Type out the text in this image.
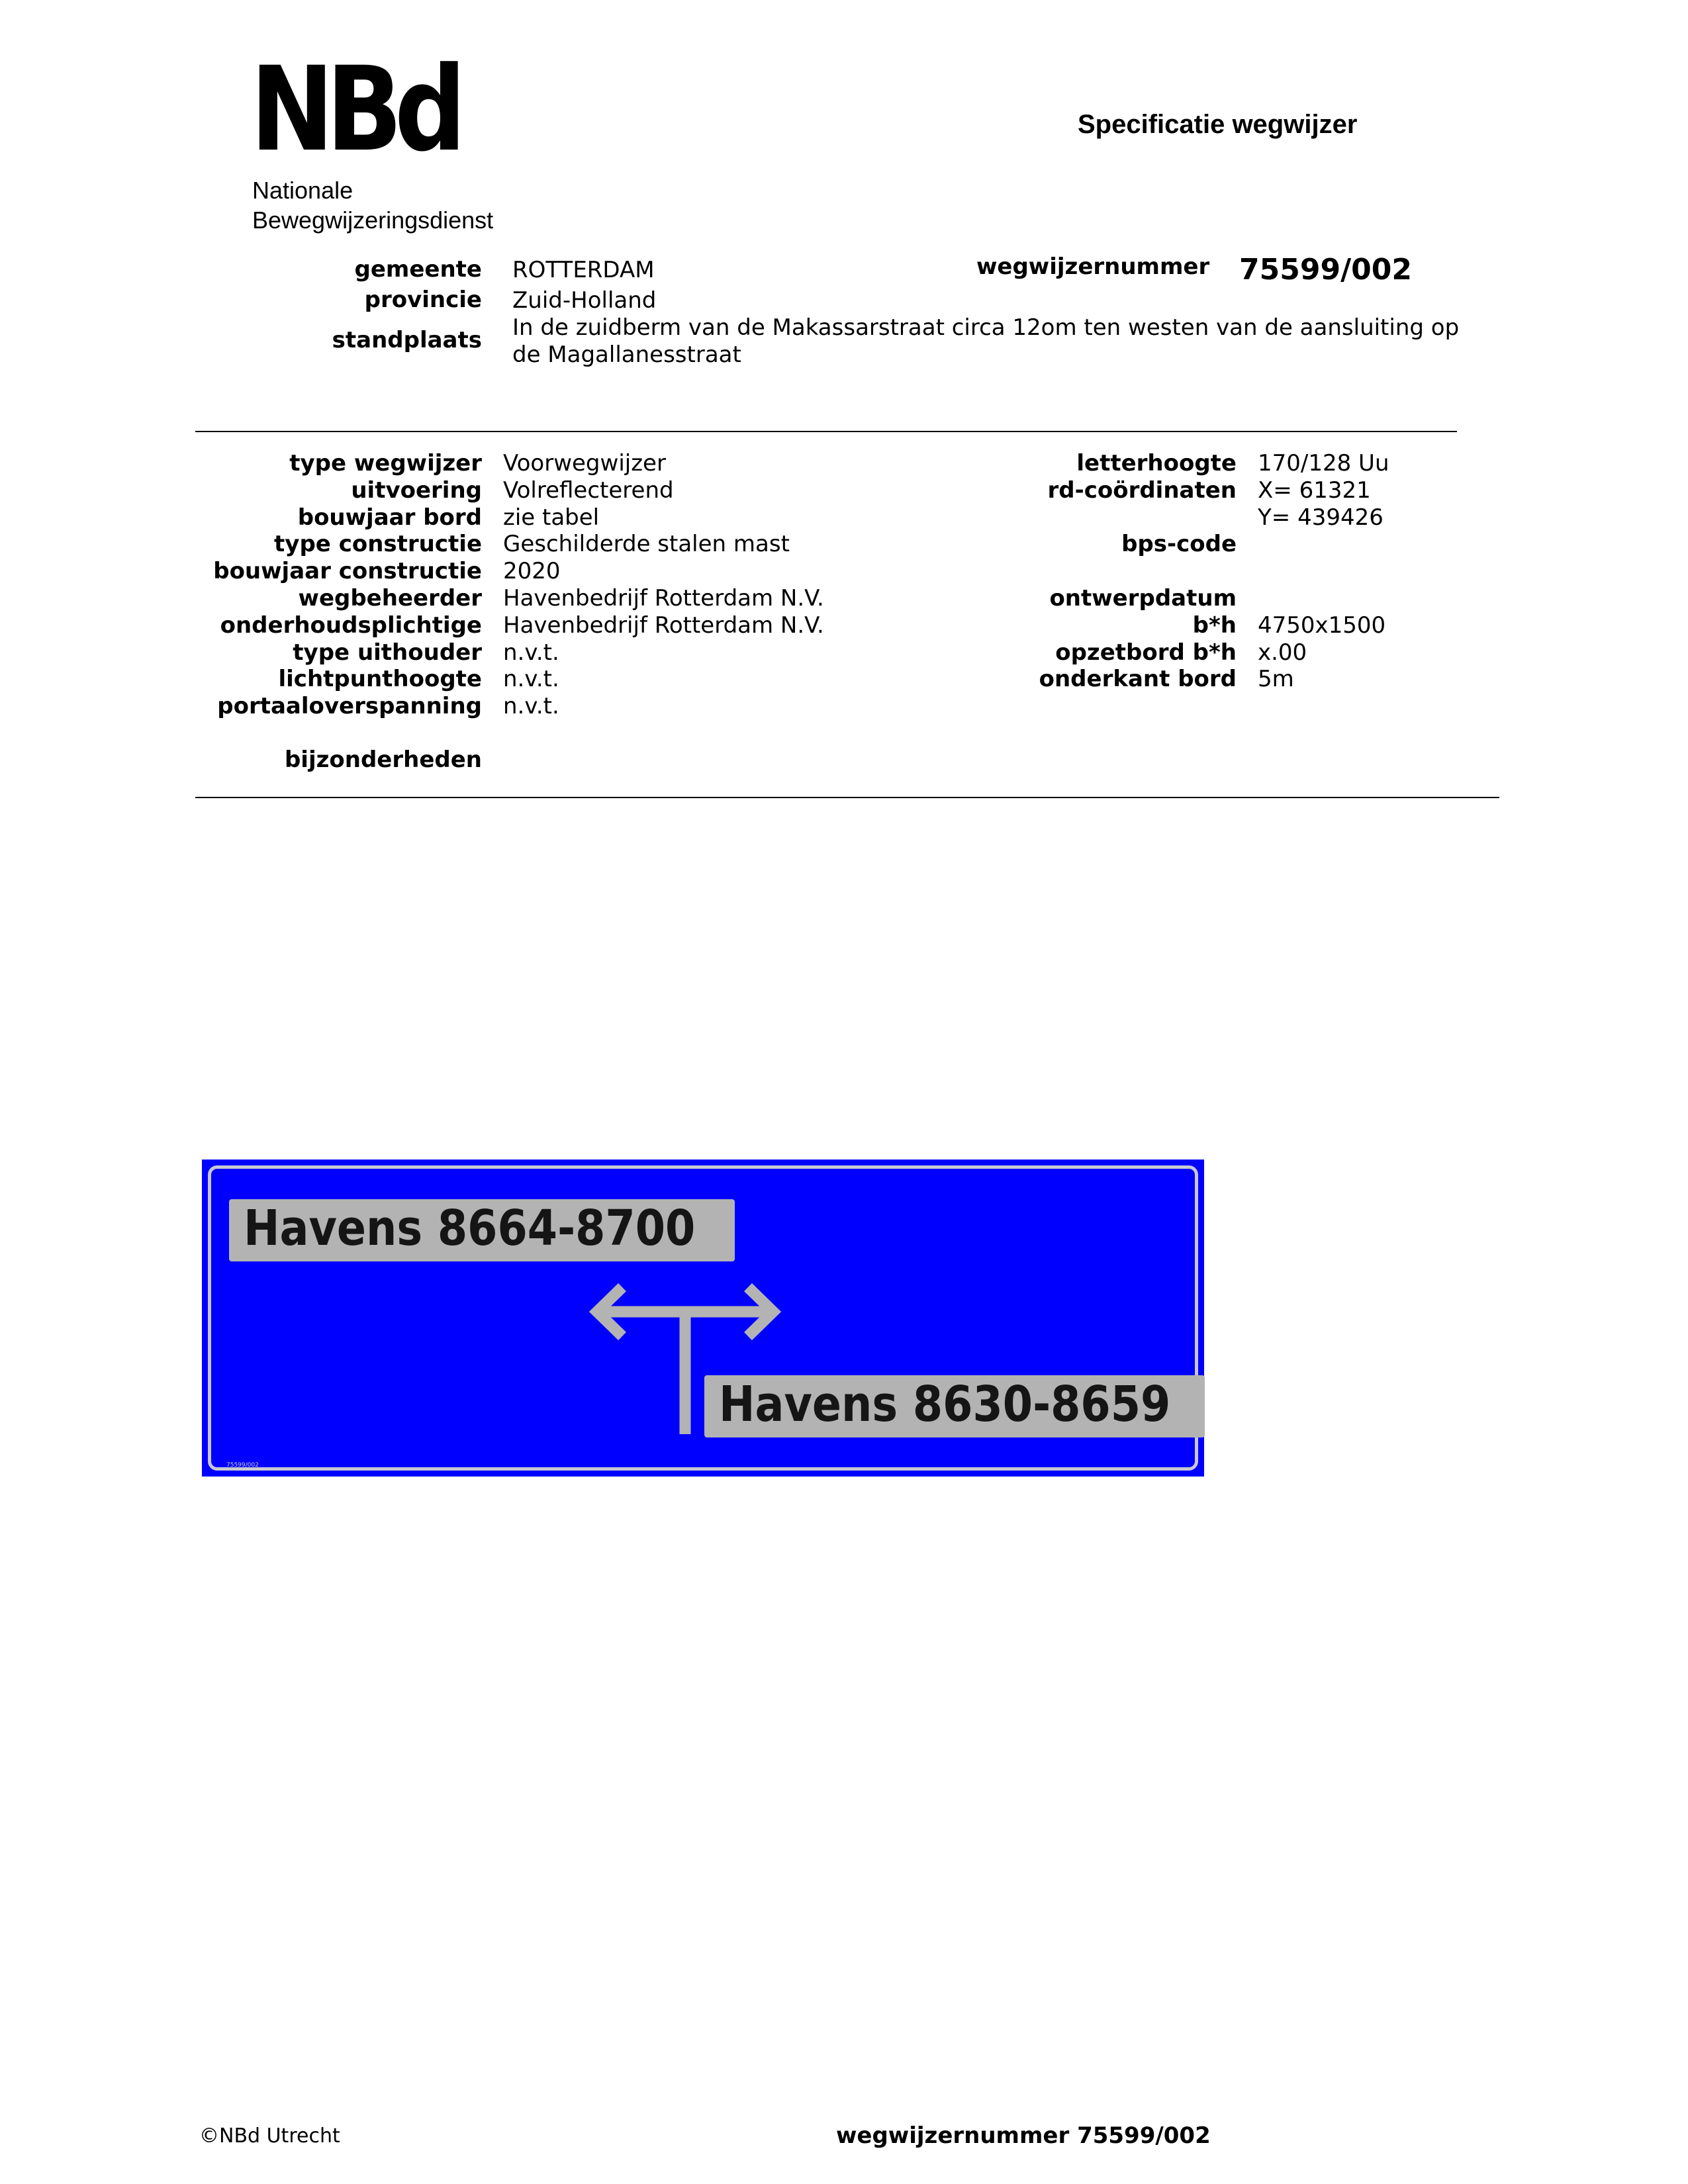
NBd
Nationale
Bewegwijzeringsdienst
Specificatie wegwijzer
gemeente ROTTERDAM
provincie Zuid-Holland
standplaats In de zuidberm van de Makassarstraat circa 12om ten westen van de aansluiting op
de Magallanesstraat
wegwijzernummer 75599/002
type wegwijzer Voorwegwijzer
uitvoering Volreflecterend
bouwjaar bord zie tabel
type constructie Geschilderde stalen mast
bouwjaar constructie 2020
wegbeheerder Havenbedrijf Rotterdam N.V.
onderhoudsplichtige Havenbedrijf Rotterdam N.V.
type uithouder n.v.t.
lichtpunthoogte n.v.t.
portaaloverspanning n.v.t.
bijzonderheden
letterhoogte 170/128 Uu
rd-coördinaten X= 61321
Y= 439426
bps-code
ontwerpdatum
b*h 4750x1500
opzetbord b*h x.00
onderkant bord 5m
Havens 8664-8700
Havens 8630-8659
75599/002
©NBd Utrecht	wegwijzernummer 75599/002
